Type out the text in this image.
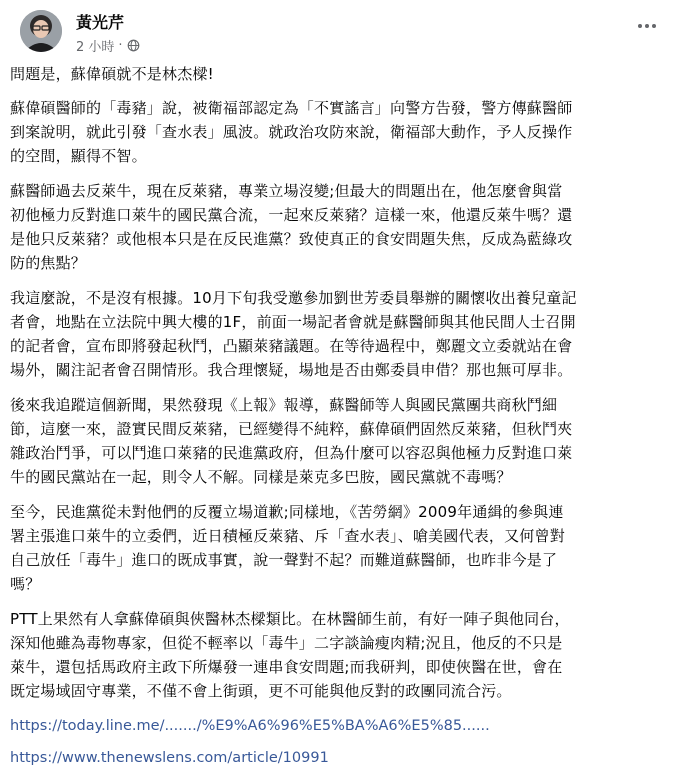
黃光芹
2 小時 ·

問題是，蘇偉碩就不是林杰樑!

蘇偉碩醫師的「毒豬」說，被衛福部認定為「不實謠言」向警方告發，警方傳蘇醫師
到案說明，就此引發「查水表」風波。就政治攻防來說，衛福部大動作，予人反操作
的空間，顯得不智。

蘇醫師過去反萊牛，現在反萊豬，專業立場沒變;但最大的問題出在，他怎麼會與當
初他極力反對進口萊牛的國民黨合流，一起來反萊豬？這樣一來，他還反萊牛嗎？還
是他只反萊豬？或他根本只是在反民進黨？致使真正的食安問題失焦，反成為藍綠攻
防的焦點？

我這麼說，不是沒有根據。10月下旬我受邀參加劉世芳委員舉辦的關懷收出養兒童記
者會，地點在立法院中興大樓的1F，前面一場記者會就是蘇醫師與其他民間人士召開
的記者會，宣布即將發起秋鬥，凸顯萊豬議題。在等待過程中，鄭麗文立委就站在會
場外，關注記者會召開情形。我合理懷疑，場地是否由鄭委員申借？那也無可厚非。

後來我追蹤這個新聞，果然發現《上報》報導，蘇醫師等人與國民黨團共商秋鬥細
節，這麼一來，證實民間反萊豬，已經變得不純粹，蘇偉碩們固然反萊豬，但秋鬥夾
雜政治鬥爭，可以鬥進口萊豬的民進黨政府，但為什麼可以容忍與他極力反對進口萊
牛的國民黨站在一起，則令人不解。同樣是萊克多巴胺，國民黨就不毒嗎？

至今，民進黨從未對他們的反覆立場道歉;同樣地，《苦勞網》2009年通緝的參與連
署主張進口萊牛的立委們，近日積極反萊豬、斥「查水表」、嗆美國代表，又何曾對
自己放任「毒牛」進口的既成事實，說一聲對不起？而難道蘇醫師，也昨非今是了
嗎？

PTT上果然有人拿蘇偉碩與俠醫林杰樑類比。在林醫師生前，有好一陣子與他同台，
深知他雖為毒物專家，但從不輕率以「毒牛」二字談論瘦肉精;況且，他反的不只是
萊牛，還包括馬政府主政下所爆發一連串食安問題;而我研判，即使俠醫在世，會在
既定場域固守專業，不僅不會上街頭，更不可能與他反對的政團同流合污。

https://today.line.me/......./%E9%A6%96%E5%BA%A6%E5%85......
https://www.thenewslens.com/article/10991
